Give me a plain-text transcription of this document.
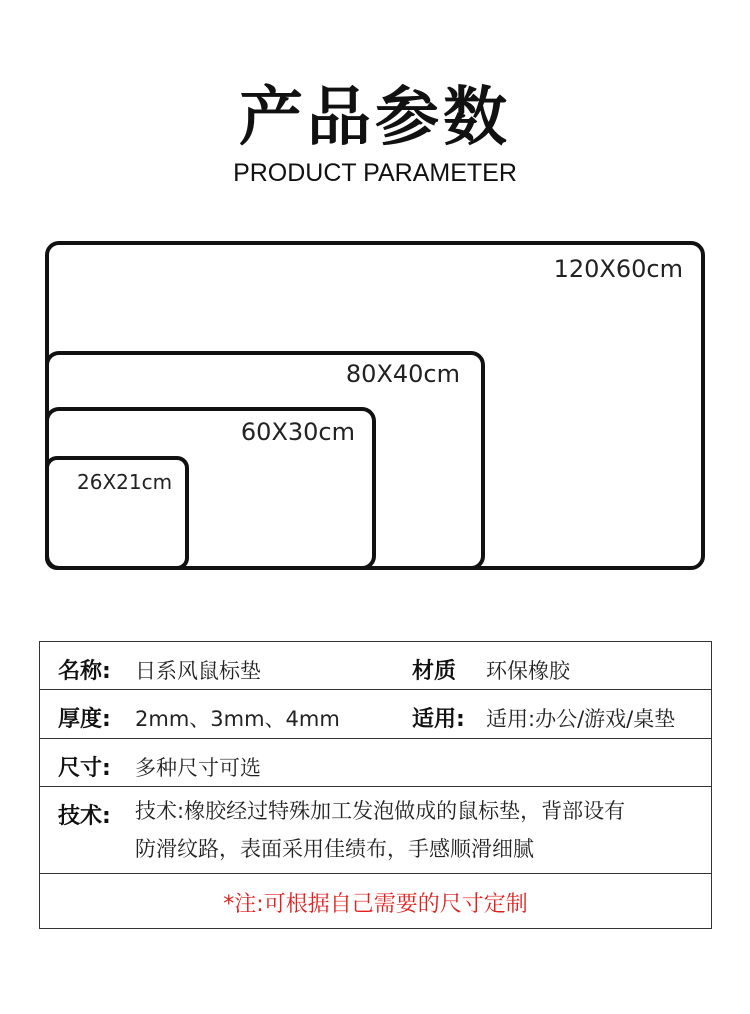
产品参数
PRODUCT PARAMETER
120X60cm
80X40cm
60X30cm
26X21cm
名称: 日系风鼠标垫	材质 环保橡胶
厚度: 2mm、3mm、4mm	适用: 适用:办公/游戏/桌垫
尺寸: 多种尺寸可选
技术: 技术:橡胶经过特殊加工发泡做成的鼠标垫，背部设有
防滑纹路，表面采用佳绩布，手感顺滑细腻
*注:可根据自己需要的尺寸定制
